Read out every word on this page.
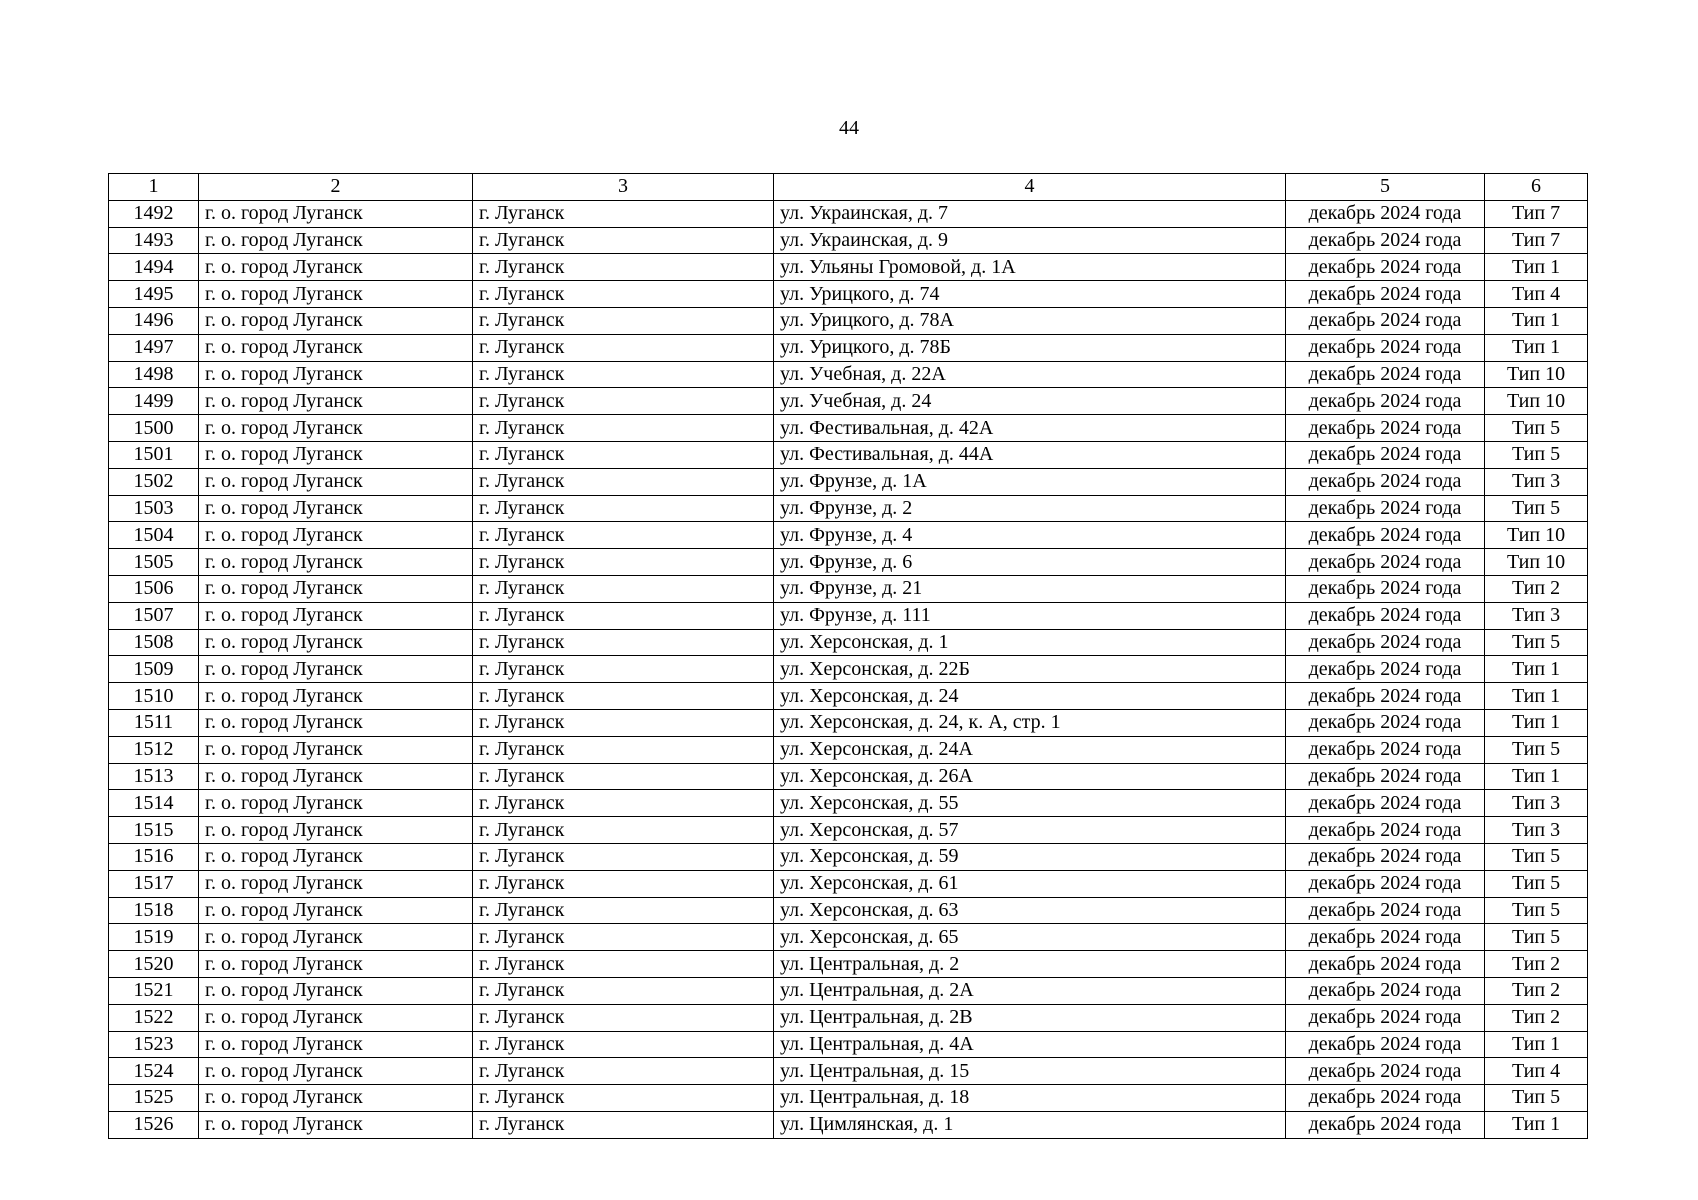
44
1	2	3	4	5	6
1492	г. о. город Луганск	г. Луганск	ул. Украинская, д. 7	декабрь 2024 года	Тип 7
1493	г. о. город Луганск	г. Луганск	ул. Украинская, д. 9	декабрь 2024 года	Тип 7
1494	г. о. город Луганск	г. Луганск	ул. Ульяны Громовой, д. 1А	декабрь 2024 года	Тип 1
1495	г. о. город Луганск	г. Луганск	ул. Урицкого, д. 74	декабрь 2024 года	Тип 4
1496	г. о. город Луганск	г. Луганск	ул. Урицкого, д. 78А	декабрь 2024 года	Тип 1
1497	г. о. город Луганск	г. Луганск	ул. Урицкого, д. 78Б	декабрь 2024 года	Тип 1
1498	г. о. город Луганск	г. Луганск	ул. Учебная, д. 22А	декабрь 2024 года	Тип 10
1499	г. о. город Луганск	г. Луганск	ул. Учебная, д. 24	декабрь 2024 года	Тип 10
1500	г. о. город Луганск	г. Луганск	ул. Фестивальная, д. 42А	декабрь 2024 года	Тип 5
1501	г. о. город Луганск	г. Луганск	ул. Фестивальная, д. 44А	декабрь 2024 года	Тип 5
1502	г. о. город Луганск	г. Луганск	ул. Фрунзе, д. 1А	декабрь 2024 года	Тип 3
1503	г. о. город Луганск	г. Луганск	ул. Фрунзе, д. 2	декабрь 2024 года	Тип 5
1504	г. о. город Луганск	г. Луганск	ул. Фрунзе, д. 4	декабрь 2024 года	Тип 10
1505	г. о. город Луганск	г. Луганск	ул. Фрунзе, д. 6	декабрь 2024 года	Тип 10
1506	г. о. город Луганск	г. Луганск	ул. Фрунзе, д. 21	декабрь 2024 года	Тип 2
1507	г. о. город Луганск	г. Луганск	ул. Фрунзе, д. 111	декабрь 2024 года	Тип 3
1508	г. о. город Луганск	г. Луганск	ул. Херсонская, д. 1	декабрь 2024 года	Тип 5
1509	г. о. город Луганск	г. Луганск	ул. Херсонская, д. 22Б	декабрь 2024 года	Тип 1
1510	г. о. город Луганск	г. Луганск	ул. Херсонская, д. 24	декабрь 2024 года	Тип 1
1511	г. о. город Луганск	г. Луганск	ул. Херсонская, д. 24, к. А, стр. 1	декабрь 2024 года	Тип 1
1512	г. о. город Луганск	г. Луганск	ул. Херсонская, д. 24А	декабрь 2024 года	Тип 5
1513	г. о. город Луганск	г. Луганск	ул. Херсонская, д. 26А	декабрь 2024 года	Тип 1
1514	г. о. город Луганск	г. Луганск	ул. Херсонская, д. 55	декабрь 2024 года	Тип 3
1515	г. о. город Луганск	г. Луганск	ул. Херсонская, д. 57	декабрь 2024 года	Тип 3
1516	г. о. город Луганск	г. Луганск	ул. Херсонская, д. 59	декабрь 2024 года	Тип 5
1517	г. о. город Луганск	г. Луганск	ул. Херсонская, д. 61	декабрь 2024 года	Тип 5
1518	г. о. город Луганск	г. Луганск	ул. Херсонская, д. 63	декабрь 2024 года	Тип 5
1519	г. о. город Луганск	г. Луганск	ул. Херсонская, д. 65	декабрь 2024 года	Тип 5
1520	г. о. город Луганск	г. Луганск	ул. Центральная, д. 2	декабрь 2024 года	Тип 2
1521	г. о. город Луганск	г. Луганск	ул. Центральная, д. 2А	декабрь 2024 года	Тип 2
1522	г. о. город Луганск	г. Луганск	ул. Центральная, д. 2В	декабрь 2024 года	Тип 2
1523	г. о. город Луганск	г. Луганск	ул. Центральная, д. 4А	декабрь 2024 года	Тип 1
1524	г. о. город Луганск	г. Луганск	ул. Центральная, д. 15	декабрь 2024 года	Тип 4
1525	г. о. город Луганск	г. Луганск	ул. Центральная, д. 18	декабрь 2024 года	Тип 5
1526	г. о. город Луганск	г. Луганск	ул. Цимлянская, д. 1	декабрь 2024 года	Тип 1
